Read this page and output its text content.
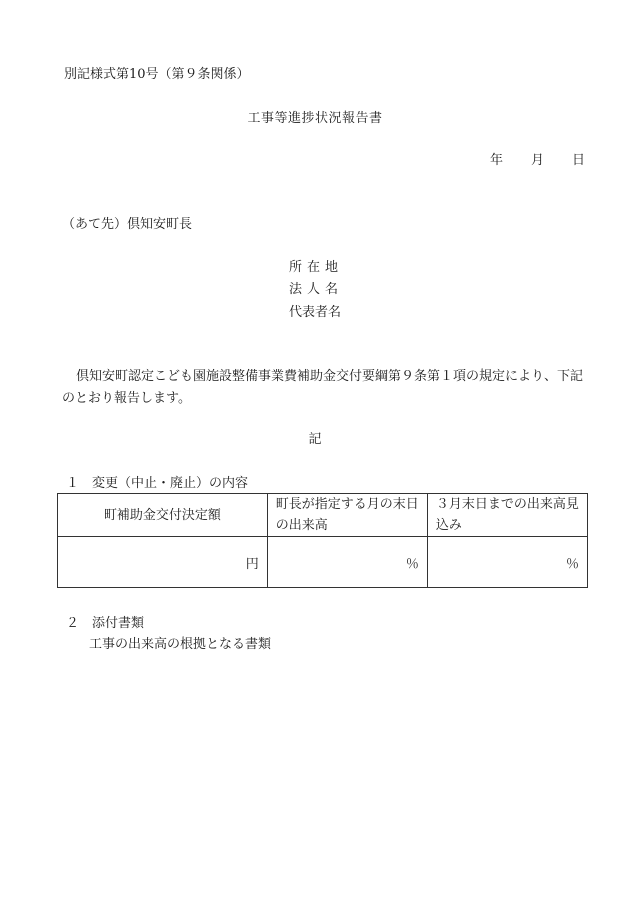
別記様式第10号（第９条関係）
工事等進捗状況報告書
年 月 日
（あて先）倶知安町長
所在地
法人名
代表者名
倶知安町認定こども園施設整備事業費補助金交付要綱第９条第１項の規定により、下記のとおり報告します。
記
１　変更（中止・廃止）の内容
町補助金交付決定額	町長が指定する月の末日の出来高	３月末日までの出来高見込み
円	％	％
２　添付書類
工事の出来高の根拠となる書類
